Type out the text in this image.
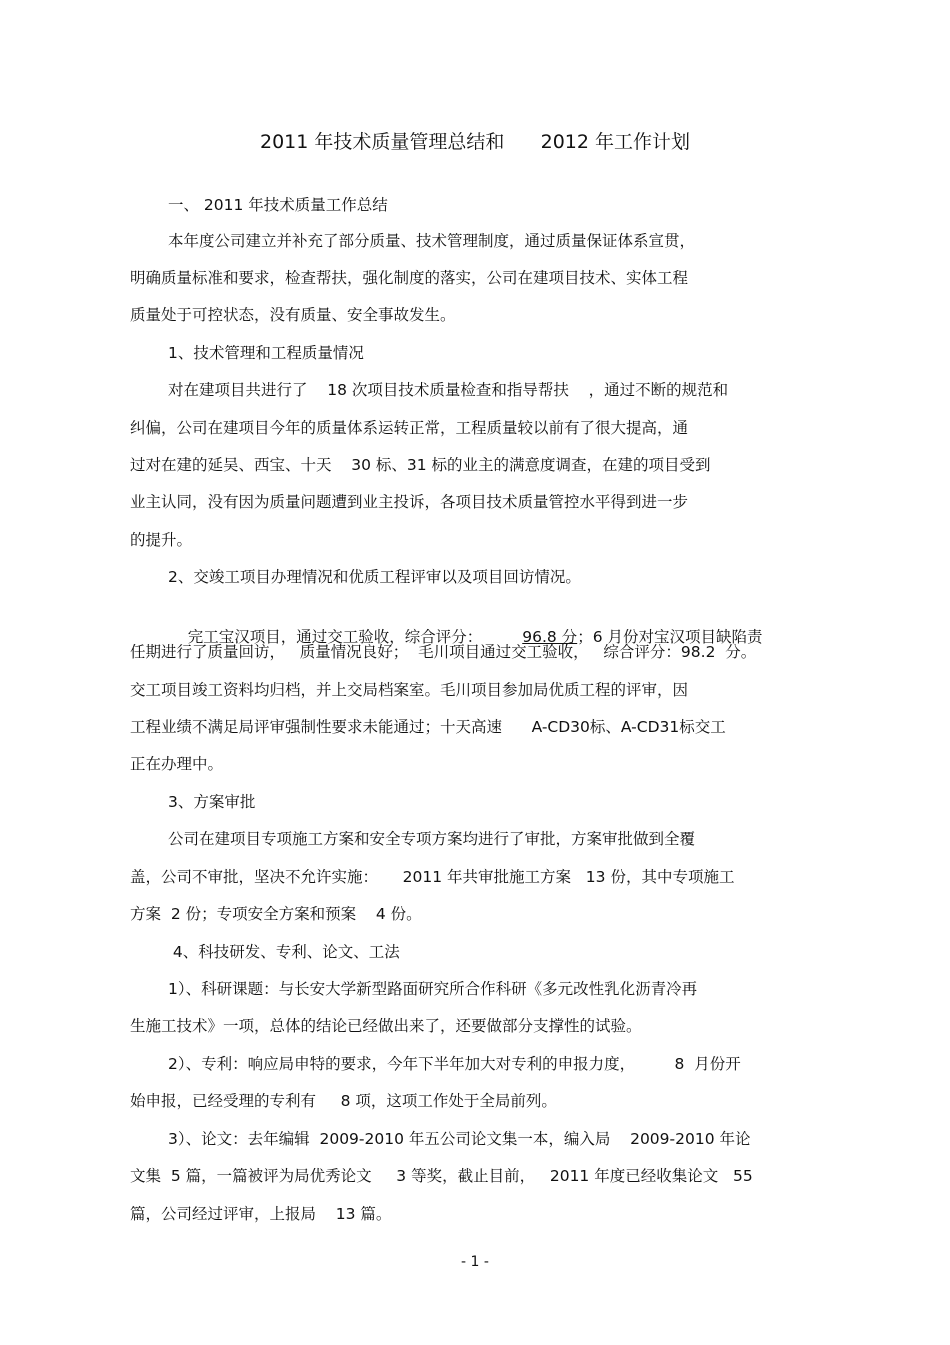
2011 年技术质量管理总结和      2012 年工作计划
一、 2011 年技术质量工作总结
本年度公司建立并补充了部分质量、技术管理制度，通过质量保证体系宣贯，
明确质量标准和要求，检查帮扶，强化制度的落实，公司在建项目技术、实体工程
质量处于可控状态，没有质量、安全事故发生。
1、技术管理和工程质量情况
对在建项目共进行了    18 次项目技术质量检查和指导帮扶    ，通过不断的规范和
纠偏，公司在建项目今年的质量体系运转正常，工程质量较以前有了很大提高，通
过对在建的延吴、西宝、十天    30 标、31 标的业主的满意度调查，在建的项目受到
业主认同，没有因为质量问题遭到业主投诉，各项目技术质量管控水平得到进一步
的提升。
2、交竣工项目办理情况和优质工程评审以及项目回访情况。

完工宝汉项目，通过交工验收，综合评分：	96.8 分；6 月份对宝汉项目缺陷责

任期进行了质量回访，   质量情况良好；  毛川项目通过交工验收，   综合评分：98.2  分。
交工项目竣工资料均归档，并上交局档案室。毛川项目参加局优质工程的评审，因
工程业绩不满足局评审强制性要求未能通过；十天高速      A-CD30标、A-CD31标交工
正在办理中。
3、方案审批
公司在建项目专项施工方案和安全专项方案均进行了审批，方案审批做到全覆
盖，公司不审批，坚决不允许实施：     2011 年共审批施工方案   13 份，其中专项施工
方案  2 份；专项安全方案和预案    4 份。
4、科技研发、专利、论文、工法
1）、科研课题：与长安大学新型路面研究所合作科研《多元改性乳化沥青冷再
生施工技术》一项，总体的结论已经做出来了，还要做部分支撑性的试验。
2）、专利：响应局申特的要求，今年下半年加大对专利的申报力度，        8  月份开
始申报，已经受理的专利有     8 项，这项工作处于全局前列。
3）、论文：去年编辑  2009-2010 年五公司论文集一本，编入局    2009-2010 年论
文集  5 篇，一篇被评为局优秀论文     3 等奖，截止目前，   2011 年度已经收集论文   55
篇，公司经过评审，上报局    13 篇。
- 1 -
